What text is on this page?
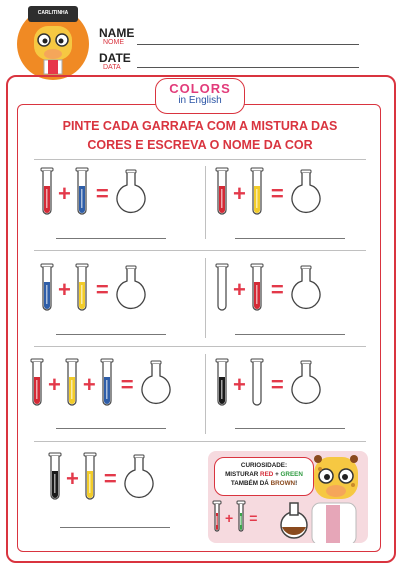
CARLITINHA
NAME
NOME
DATE
DATA
COLORS
in English
PINTE CADA GARRAFA COM A MISTURA DAS
CORES E ESCREVA O NOME DA COR
CURIOSIDADE:
MISTURAR RED + GREEN
TAMBÉM DÁ BROWN!
+ =
+ =	+ =
+ =	+ =
+ + =	+ =
+ =
